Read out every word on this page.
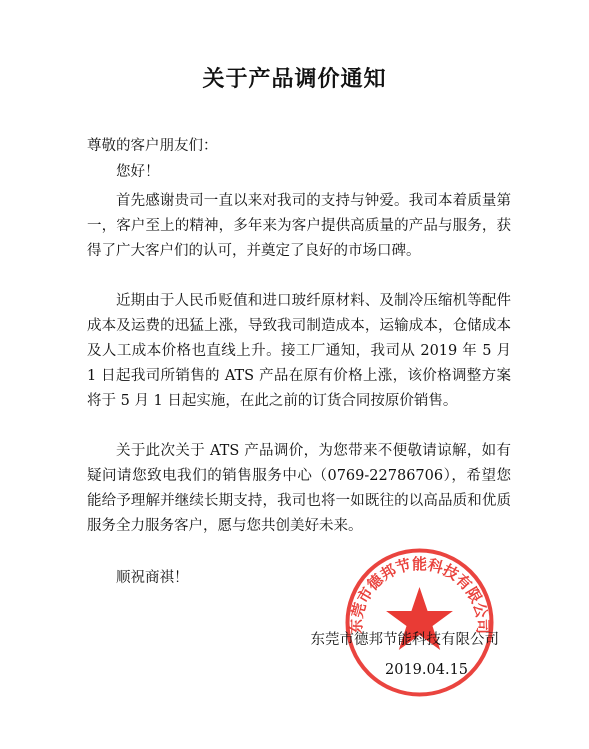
关于产品调价通知
尊敬的客户朋友们：

您好！

首先感谢贵司一直以来对我司的支持与钟爱。我司本着质量第一，客户至上的精神，多年来为客户提供高质量的产品与服务，获得了广大客户们的认可，并奠定了良好的市场口碑。

近期由于人民币贬值和进口玻纤原材料、及制冷压缩机等配件成本及运费的迅猛上涨，导致我司制造成本，运输成本，仓储成本及人工成本价格也直线上升。接工厂通知，我司从 2019 年 5 月 1 日起我司所销售的 ATS 产品在原有价格上涨，该价格调整方案将于 5 月 1 日起实施，在此之前的订货合同按原价销售。

关于此次关于 ATS 产品调价，为您带来不便敬请谅解，如有疑问请您致电我们的销售服务中心（0769-22786706），希望您能给予理解并继续长期支持，我司也将一如既往的以高品质和优质服务全力服务客户，愿与您共创美好未来。

顺祝商祺！

东莞市德邦节能科技有限公司
东莞市德邦节能科技有限公司
2019.04.15
